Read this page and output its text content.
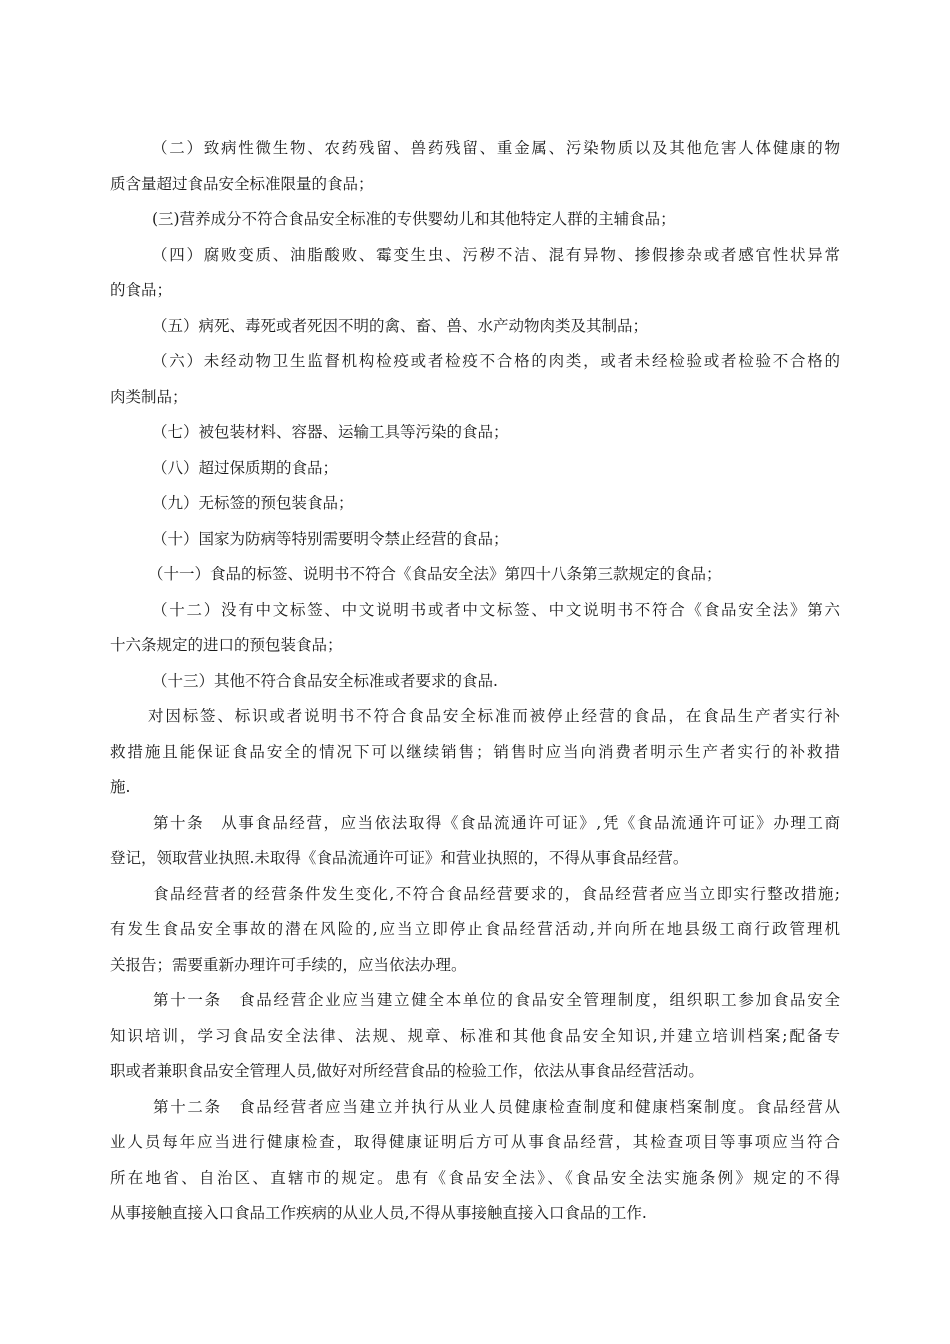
（二）致病性微生物、农药残留、兽药残留、重金属、污染物质以及其他危害人体健康的物
质含量超过食品安全标准限量的食品；
(三)营养成分不符合食品安全标准的专供婴幼儿和其他特定人群的主辅食品；
（四）腐败变质、油脂酸败、霉变生虫、污秽不洁、混有异物、掺假掺杂或者感官性状异常
的食品；
（五）病死、毒死或者死因不明的禽、畜、兽、水产动物肉类及其制品；
（六）未经动物卫生监督机构检疫或者检疫不合格的肉类，或者未经检验或者检验不合格的
肉类制品；
（七）被包装材料、容器、运输工具等污染的食品；
（八）超过保质期的食品；
（九）无标签的预包装食品；
（十）国家为防病等特别需要明令禁止经营的食品；
（十一）食品的标签、说明书不符合《食品安全法》第四十八条第三款规定的食品；
（十二）没有中文标签、中文说明书或者中文标签、中文说明书不符合《食品安全法》第六
十六条规定的进口的预包装食品；
（十三）其他不符合食品安全标准或者要求的食品.
对因标签、标识或者说明书不符合食品安全标准而被停止经营的食品，在食品生产者实行补
救措施且能保证食品安全的情况下可以继续销售；销售时应当向消费者明示生产者实行的补救措
施.
第十条　从事食品经营，应当依法取得《食品流通许可证》,凭《食品流通许可证》办理工商
登记，领取营业执照.未取得《食品流通许可证》和营业执照的，不得从事食品经营。
食品经营者的经营条件发生变化,不符合食品经营要求的，食品经营者应当立即实行整改措施;
有发生食品安全事故的潜在风险的,应当立即停止食品经营活动,并向所在地县级工商行政管理机
关报告；需要重新办理许可手续的，应当依法办理。
第十一条　食品经营企业应当建立健全本单位的食品安全管理制度，组织职工参加食品安全
知识培训，学习食品安全法律、法规、规章、标准和其他食品安全知识,并建立培训档案;配备专
职或者兼职食品安全管理人员,做好对所经营食品的检验工作，依法从事食品经营活动。
第十二条　食品经营者应当建立并执行从业人员健康检查制度和健康档案制度。食品经营从
业人员每年应当进行健康检查，取得健康证明后方可从事食品经营，其检查项目等事项应当符合
所在地省、自治区、直辖市的规定。患有《食品安全法》、《食品安全法实施条例》规定的不得
从事接触直接入口食品工作疾病的从业人员,不得从事接触直接入口食品的工作.
